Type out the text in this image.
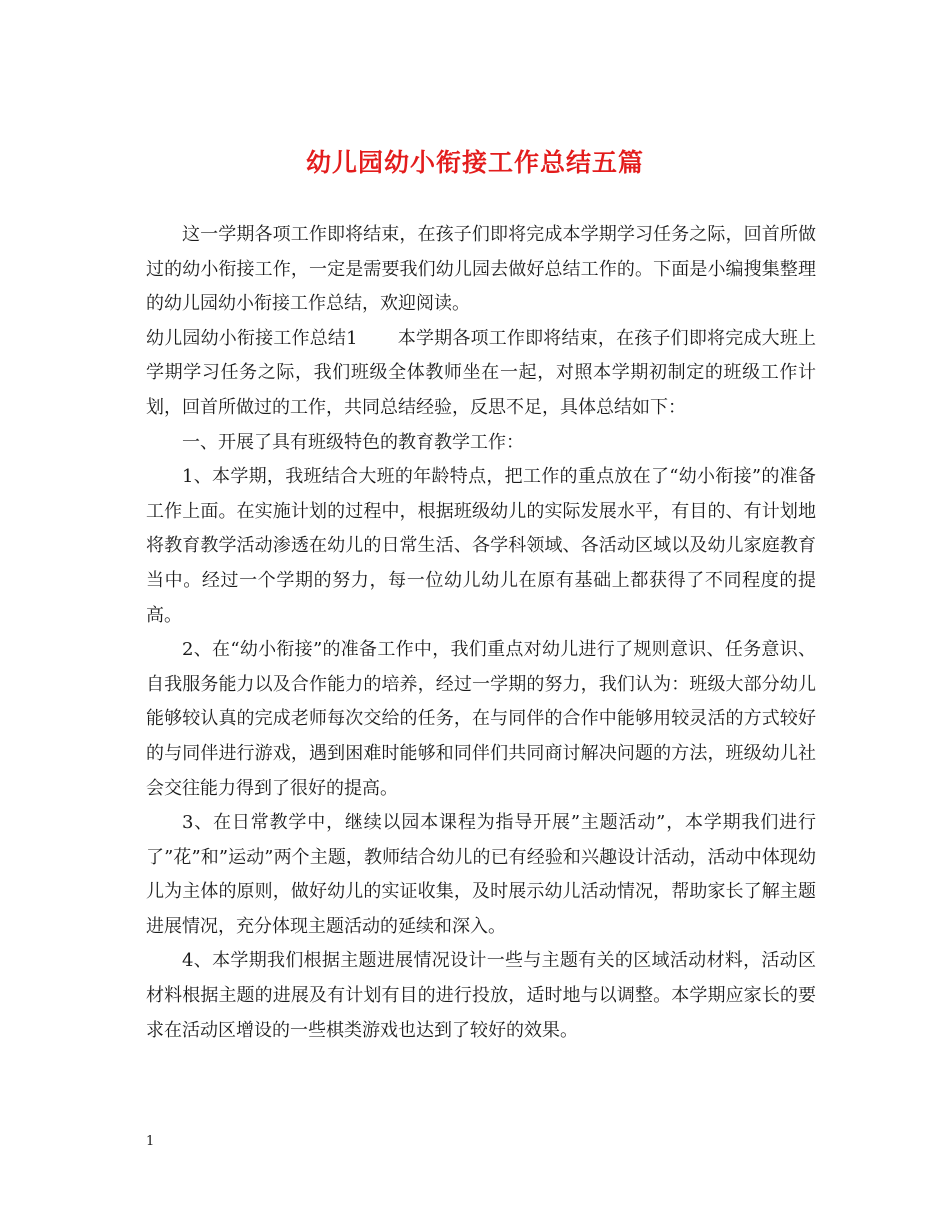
幼儿园幼小衔接工作总结五篇

这一学期各项工作即将结束，在孩子们即将完成本学期学习任务之际，回首所做过的幼小衔接工作，一定是需要我们幼儿园去做好总结工作的。下面是小编搜集整理的幼儿园幼小衔接工作总结，欢迎阅读。

幼儿园幼小衔接工作总结1 本学期各项工作即将结束，在孩子们即将完成大班上学期学习任务之际，我们班级全体教师坐在一起，对照本学期初制定的班级工作计划，回首所做过的工作，共同总结经验，反思不足，具体总结如下：

一、开展了具有班级特色的教育教学工作：

1、本学期，我班结合大班的年龄特点，把工作的重点放在了“幼小衔接”的准备工作上面。在实施计划的过程中，根据班级幼儿的实际发展水平，有目的、有计划地将教育教学活动渗透在幼儿的日常生活、各学科领域、各活动区域以及幼儿家庭教育当中。经过一个学期的努力，每一位幼儿幼儿在原有基础上都获得了不同程度的提高。

2、在“幼小衔接”的准备工作中，我们重点对幼儿进行了规则意识、任务意识、自我服务能力以及合作能力的培养，经过一学期的努力，我们认为：班级大部分幼儿能够较认真的完成老师每次交给的任务，在与同伴的合作中能够用较灵活的方式较好的与同伴进行游戏，遇到困难时能够和同伴们共同商讨解决问题的方法，班级幼儿社会交往能力得到了很好的提高。

3、在日常教学中，继续以园本课程为指导开展”主题活动”，本学期我们进行了”花”和”运动”两个主题，教师结合幼儿的已有经验和兴趣设计活动，活动中体现幼儿为主体的原则，做好幼儿的实证收集，及时展示幼儿活动情况，帮助家长了解主题进展情况，充分体现主题活动的延续和深入。

4、本学期我们根据主题进展情况设计一些与主题有关的区域活动材料，活动区材料根据主题的进展及有计划有目的进行投放，适时地与以调整。本学期应家长的要求在活动区增设的一些棋类游戏也达到了较好的效果。

1
